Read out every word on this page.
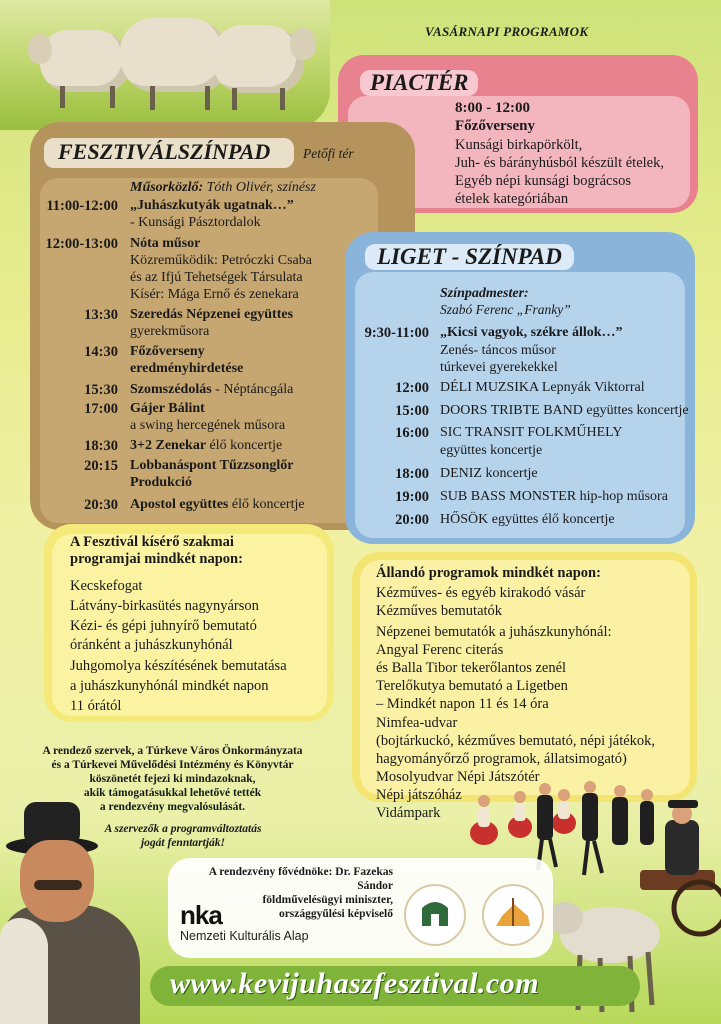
VASÁRNAPI PROGRAMOK
PIACTÉR
8:00 - 12:00
Főzőverseny
Kunsági birkapörkölt,
Juh- és bárányhúsból készült ételek,
Egyéb népi kunsági bográcsos
ételek kategóriában
FESZTIVÁLSZÍNPAD Petőfi tér
Műsorközlő: Tóth Olivér, színész
11:00-12:00 „Juhászkutyák ugatnak…”
- Kunsági Pásztordalok
12:00-13:00 Nóta műsor
Közreműködik: Petróczki Csaba
és az Ifjú Tehetségek Társulata
Kísér: Mága Ernő és zenekara
13:30 Szeredás Népzenei együttes
gyerekműsora
14:30 Főzőverseny
eredményhirdetése
15:30 Szomszédolás - Néptáncgála
17:00 Gájer Bálint
a swing hercegének műsora
18:30 3+2 Zenekar élő koncertje
20:15 Lobbanáspont Tűzzsonglőr
Produkció
20:30 Apostol együttes élő koncertje
LIGET - SZÍNPAD
Színpadmester:
Szabó Ferenc „Franky”
9:30-11:00 „Kicsi vagyok, székre állok…”
Zenés- táncos műsor
túrkevei gyerekekkel
12:00 DÉLI MUZSIKA Lepnyák Viktorral
15:00 DOORS TRIBTE BAND együttes koncertje
16:00 SIC TRANSIT FOLKMŰHELY
együttes koncertje
18:00 DENIZ koncertje
19:00 SUB BASS MONSTER hip-hop műsora
20:00 HŐSÖK együttes élő koncertje
A Fesztivál kísérő szakmai
programjai mindkét napon:
Kecskefogat
Látvány-birkasütés nagynyárson
Kézi- és gépi juhnyírő bemutató
óránként a juhászkunyhónál
Juhgomolya készítésének bemutatása
a juhászkunyhónál mindkét napon
11 órától
Állandó programok mindkét napon:
Kézműves- és egyéb kirakodó vásár
Kézműves bemutatók
Népzenei bemutatók a juhászkunyhónál:
Angyal Ferenc citerás
és Balla Tibor tekerőlantos zenél
Terelőkutya bemutató a Ligetben
– Mindkét napon 11 és 14 óra
Nimfea-udvar
(bojtárkuckó, kézműves bemutató, népi játékok,
hagyományőrző programok, állatsimogató)
Mosolyudvar Népi Játszótér
Népi játszóház
Vidámpark
A rendező szervek, a Túrkeve Város Önkormányzata
és a Túrkevei Művelődési Intézmény és Könyvtár
köszönetét fejezi ki mindazoknak,
akik támogatásukkal lehetővé tették
a rendezvény megvalósulását.
A szervezők a programváltoztatás
jogát fenntartják!
A rendezvény fővédnöke: Dr. Fazekas Sándor
földművelésügyi miniszter,
országgyűlési képviselő
nka
Nemzeti Kulturális Alap
www.kevijuhaszfesztival.com
